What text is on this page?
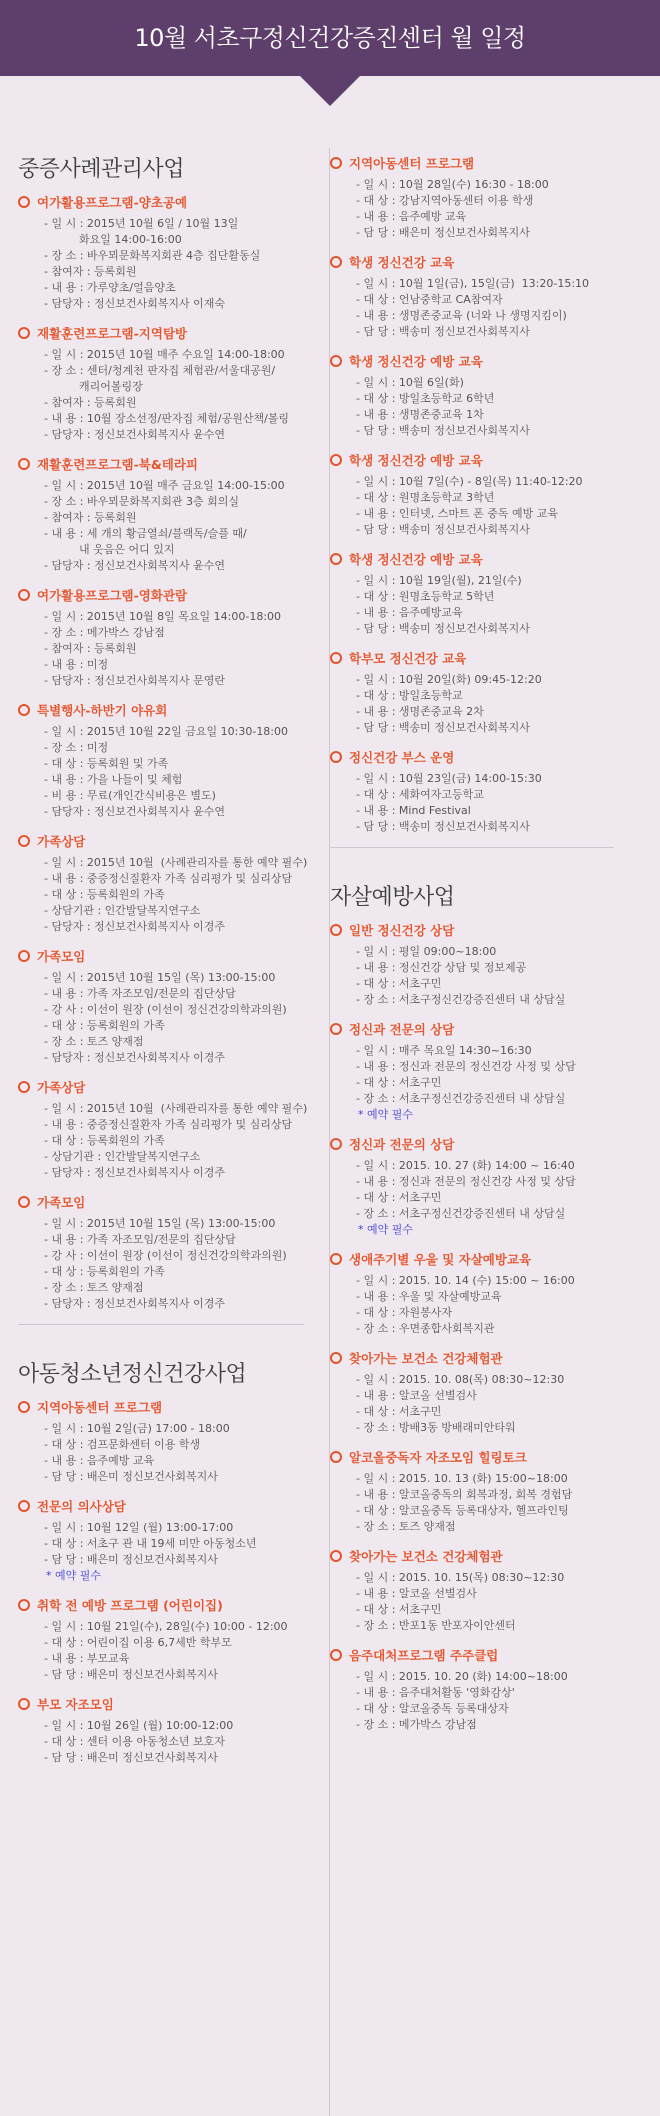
10월 서초구정신건강증진센터 월 일정
중증사례관리사업
여가활용프로그램-양초공예
- 일 시 : 2015년 10월 6일 / 10월 13일
화요일 14:00-16:00
- 장 소 : 바우뫼문화복지회관 4층 집단활동실
- 참여자 : 등록회원
- 내 용 : 가루양초/얼음양초
- 담당자 : 정신보건사회복지사 이재숙
재활훈련프로그램-지역탐방
- 일 시 : 2015년 10월 매주 수요일 14:00-18:00
- 장 소 : 센터/청계천 판자집 체험관/서울대공원/
캐리어볼링장
- 참여자 : 등록회원
- 내 용 : 10월 장소선정/판자집 체험/공원산책/볼링
- 담당자 : 정신보건사회복지사 윤수연
재활훈련프로그램-북&테라피
- 일 시 : 2015년 10월 매주 금요일 14:00-15:00
- 장 소 : 바우뫼문화복지회관 3층 회의실
- 참여자 : 등록회원
- 내 용 : 세 개의 황금열쇠/블랙독/슬플 때/
내 웃음은 어디 있지
- 담당자 : 정신보건사회복지사 윤수연
여가활용프로그램-영화관람
- 일 시 : 2015년 10월 8일 목요일 14:00-18:00
- 장 소 : 메가박스 강남점
- 참여자 : 등록회원
- 내 용 : 미정
- 담당자 : 정신보건사회복지사 문영란
특별행사-하반기 야유회
- 일 시 : 2015년 10월 22일 금요일 10:30-18:00
- 장 소 : 미정
- 대 상 : 등록회원 및 가족
- 내 용 : 가을 나들이 및 체험
- 비 용 : 무료(개인간식비용은 별도)
- 담당자 : 정신보건사회복지사 윤수연
가족상담
- 일 시 : 2015년 10월  (사례관리자를 통한 예약 필수)
- 내 용 : 중증정신질환자 가족 심리평가 및 심리상담
- 대 상 : 등록회원의 가족
- 상담기관 : 인간발달복지연구소
- 담당자 : 정신보건사회복지사 이경주
가족모임
- 일 시 : 2015년 10월 15일 (목) 13:00-15:00
- 내 용 : 가족 자조모임/전문의 집단상담
- 강 사 : 이선이 원장 (이선이 정신건강의학과의원)
- 대 상 : 등록회원의 가족
- 장 소 : 토즈 양재점
- 담당자 : 정신보건사회복지사 이경주
가족상담
- 일 시 : 2015년 10월  (사례관리자를 통한 예약 필수)
- 내 용 : 중증정신질환자 가족 심리평가 및 심리상담
- 대 상 : 등록회원의 가족
- 상담기관 : 인간발달복지연구소
- 담당자 : 정신보건사회복지사 이경주
가족모임
- 일 시 : 2015년 10월 15일 (목) 13:00-15:00
- 내 용 : 가족 자조모임/전문의 집단상담
- 강 사 : 이선이 원장 (이선이 정신건강의학과의원)
- 대 상 : 등록회원의 가족
- 장 소 : 토즈 양재점
- 담당자 : 정신보건사회복지사 이경주
아동청소년정신건강사업
지역아동센터 프로그램
- 일 시 : 10월 2일(금) 17:00 - 18:00
- 대 상 : 검프문화센터 이용 학생
- 내 용 : 음주예방 교육
- 담 당 : 배은미 정신보건사회복지사
전문의 의사상담
- 일 시 : 10월 12일 (월) 13:00-17:00
- 대 상 : 서초구 관 내 19세 미만 아동청소년
- 담 당 : 배은미 정신보건사회복지사
* 예약 필수
취학 전 예방 프로그램 (어린이집)
- 일 시 : 10월 21일(수), 28일(수) 10:00 - 12:00
- 대 상 : 어린이집 이용 6,7세반 학부모
- 내 용 : 부모교육
- 담 당 : 배은미 정신보건사회복지사
부모 자조모임
- 일 시 : 10월 26일 (월) 10:00-12:00
- 대 상 : 센터 이용 아동청소년 보호자
- 담 당 : 배은미 정신보건사회복지사
지역아동센터 프로그램
- 일 시 : 10월 28일(수) 16:30 - 18:00
- 대 상 : 강남지역아동센터 이용 학생
- 내 용 : 음주예방 교육
- 담 당 : 배은미 정신보건사회복지사
학생 정신건강 교육
- 일 시 : 10월 1일(금), 15일(금)  13:20-15:10
- 대 상 : 언남중학교 CA참여자
- 내 용 : 생명존중교육 (너와 나 생명지킴이)
- 담 당 : 백송미 정신보건사회복지사
학생 정신건강 예방 교육
- 일 시 : 10월 6일(화)
- 대 상 : 방일초등학교 6학년
- 내 용 : 생명존중교육 1차
- 담 당 : 백송미 정신보건사회복지사
학생 정신건강 예방 교육
- 일 시 : 10월 7일(수) - 8일(목) 11:40-12:20
- 대 상 : 원명초등학교 3학년
- 내 용 : 인터넷, 스마트 폰 중독 예방 교육
- 담 당 : 백송미 정신보건사회복지사
학생 정신건강 예방 교육
- 일 시 : 10월 19일(월), 21일(수)
- 대 상 : 원명초등학교 5학년
- 내 용 : 음주예방교육
- 담 당 : 백송미 정신보건사회복지사
학부모 정신건강 교육
- 일 시 : 10월 20일(화) 09:45-12:20
- 대 상 : 방일초등학교
- 내 용 : 생명존중교육 2차
- 담 당 : 백송미 정신보건사회복지사
정신건강 부스 운영
- 일 시 : 10월 23일(금) 14:00-15:30
- 대 상 : 세화여자고등학교
- 내 용 : Mind Festival
- 담 당 : 백송미 정신보건사회복지사
자살예방사업
일반 정신건강 상담
- 일 시 : 평일 09:00~18:00
- 내 용 : 정신건강 상담 및 정보제공
- 대 상 : 서초구민
- 장 소 : 서초구정신건강증진센터 내 상담실
정신과 전문의 상담
- 일 시 : 매주 목요일 14:30~16:30
- 내 용 : 정신과 전문의 정신건강 사정 및 상담
- 대 상 : 서초구민
- 장 소 : 서초구정신건강증진센터 내 상담실
* 예약 필수
정신과 전문의 상담
- 일 시 : 2015. 10. 27 (화) 14:00 ~ 16:40
- 내 용 : 정신과 전문의 정신건강 사정 및 상담
- 대 상 : 서초구민
- 장 소 : 서초구정신건강증진센터 내 상담실
* 예약 필수
생애주기별 우울 및 자살예방교육
- 일 시 : 2015. 10. 14 (수) 15:00 ~ 16:00
- 내 용 : 우울 및 자살예방교육
- 대 상 : 자원봉사자
- 장 소 : 우면종합사회복지관
찾아가는 보건소 건강체험관
- 일 시 : 2015. 10. 08(목) 08:30~12:30
- 내 용 : 알코올 선별검사
- 대 상 : 서초구민
- 장 소 : 방배3동 방배래미안타워
알코올중독자 자조모임 힐링토크
- 일 시 : 2015. 10. 13 (화) 15:00~18:00
- 내 용 : 알코올중독의 회복과정, 회복 경험담
- 대 상 : 알코올중독 등록대상자, 헬프라인팅
- 장 소 : 토즈 양재점
찾아가는 보건소 건강체험관
- 일 시 : 2015. 10. 15(목) 08:30~12:30
- 내 용 : 알코올 선별검사
- 대 상 : 서초구민
- 장 소 : 반포1동 반포자이안센터
음주대처프로그램 주주클럽
- 일 시 : 2015. 10. 20 (화) 14:00~18:00
- 내 용 : 음주대처활동 '영화감상'
- 대 상 : 알코올중독 등록대상자
- 장 소 : 메가박스 강남점
